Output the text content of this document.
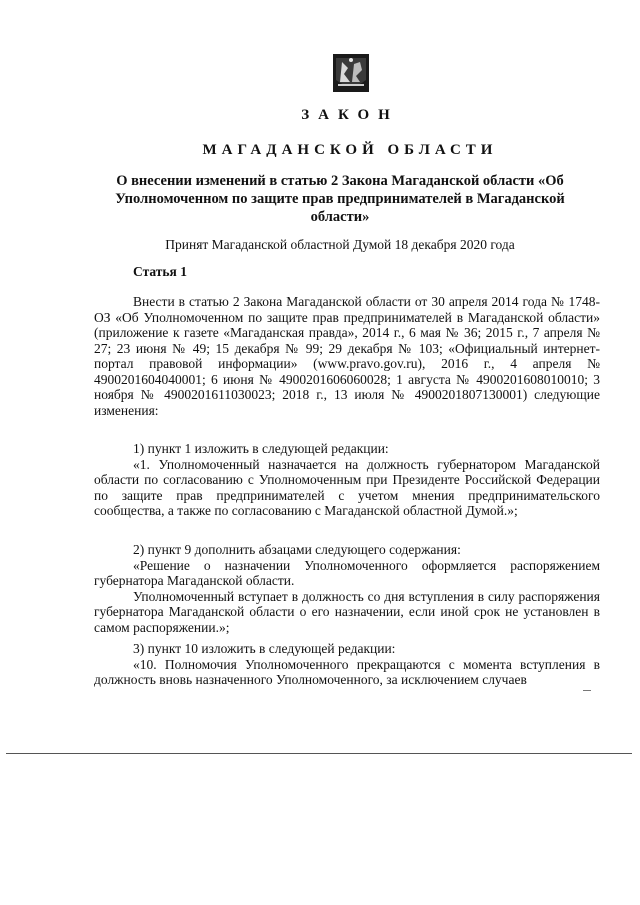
ЗАКОН
МАГАДАНСКОЙ ОБЛАСТИ
О внесении изменений в статью 2 Закона Магаданской области «Об Уполномоченном по защите прав предпринимателей в Магаданской области»
Принят Магаданской областной Думой 18 декабря 2020 года
Статья 1

Внести в статью 2 Закона Магаданской области от 30 апреля 2014 года № 1748-ОЗ «Об Уполномоченном по защите прав предпринимателей в Магаданской области» (приложение к газете «Магаданская правда», 2014 г., 6 мая № 36; 2015 г., 7 апреля № 27; 23 июня № 49; 15 декабря № 99; 29 декабря № 103; «Официальный интернет-портал правовой информации» (www.pravo.gov.ru), 2016 г., 4 апреля № 4900201604040001; 6 июня № 4900201606060028; 1 августа № 4900201608010010; 3 ноября № 4900201611030023; 2018 г., 13 июля № 4900201807130001) следующие изменения:

1) пункт 1 изложить в следующей редакции:

«1. Уполномоченный назначается на должность губернатором Магаданской области по согласованию с Уполномоченным при Президенте Российской Федерации по защите прав предпринимателей с учетом мнения предпринимательского сообщества, а также по согласованию с Магаданской областной Думой.»;

2) пункт 9 дополнить абзацами следующего содержания:

«Решение о назначении Уполномоченного оформляется распоряжением губернатора Магаданской области.

Уполномоченный вступает в должность со дня вступления в силу распоряжения губернатора Магаданской области о его назначении, если иной срок не установлен в самом распоряжении.»;

3) пункт 10 изложить в следующей редакции:

«10. Полномочия Уполномоченного прекращаются с момента вступления в должность вновь назначенного Уполномоченного, за исключением случаев
